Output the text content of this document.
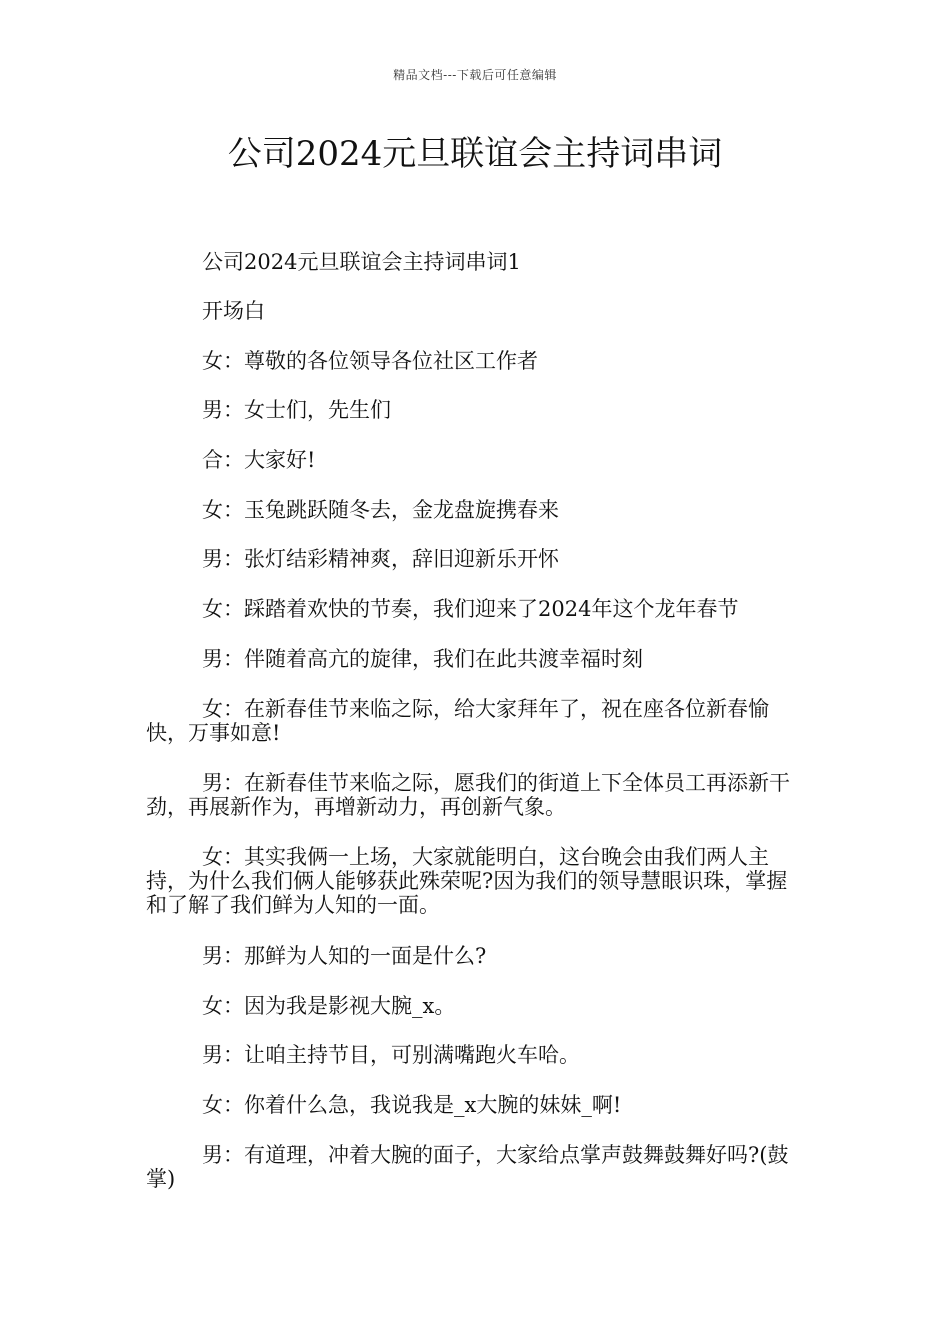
精品文档---下载后可任意编辑
公司2024元旦联谊会主持词串词

公司2024元旦联谊会主持词串词1

开场白

女：尊敬的各位领导各位社区工作者

男：女士们，先生们

合：大家好!

女：玉兔跳跃随冬去，金龙盘旋携春来

男：张灯结彩精神爽，辞旧迎新乐开怀

女：踩踏着欢快的节奏，我们迎来了2024年这个龙年春节

男：伴随着高亢的旋律，我们在此共渡幸福时刻

女：在新春佳节来临之际，给大家拜年了，祝在座各位新春愉快，万事如意!

男：在新春佳节来临之际，愿我们的街道上下全体员工再添新干劲，再展新作为，再增新动力，再创新气象。

女：其实我俩一上场，大家就能明白，这台晚会由我们两人主持，为什么我们俩人能够获此殊荣呢?因为我们的领导慧眼识珠，掌握和了解了我们鲜为人知的一面。

男：那鲜为人知的一面是什么?

女：因为我是影视大腕_x。

男：让咱主持节目，可别满嘴跑火车哈。

女：你着什么急，我说我是_x大腕的妹妹_啊!

男：有道理，冲着大腕的面子，大家给点掌声鼓舞鼓舞好吗?(鼓掌)
